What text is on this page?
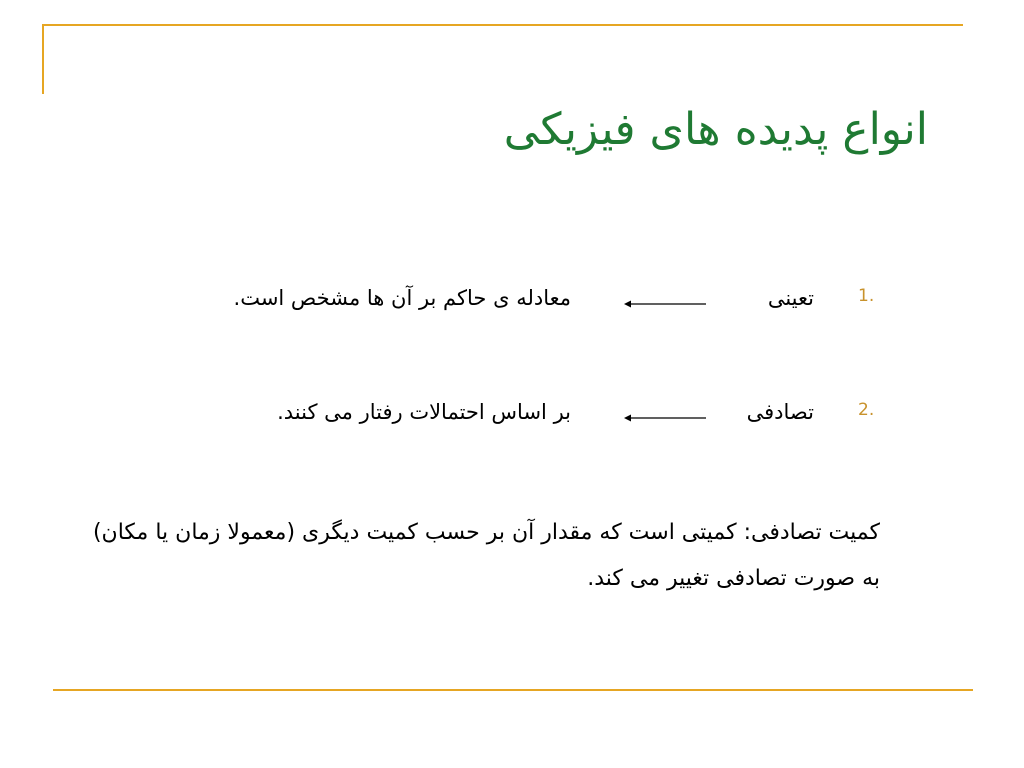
انواع پدیده های فیزیکی
1.
تعینی
معادله ی حاکم بر آن ها مشخص است.
2.
تصادفی
بر اساس احتمالات رفتار می کنند.
کمیت تصادفی: کمیتی است که مقدار آن بر حسب کمیت دیگری (معمولا زمان یا مکان) به صورت تصادفی تغییر می کند.
